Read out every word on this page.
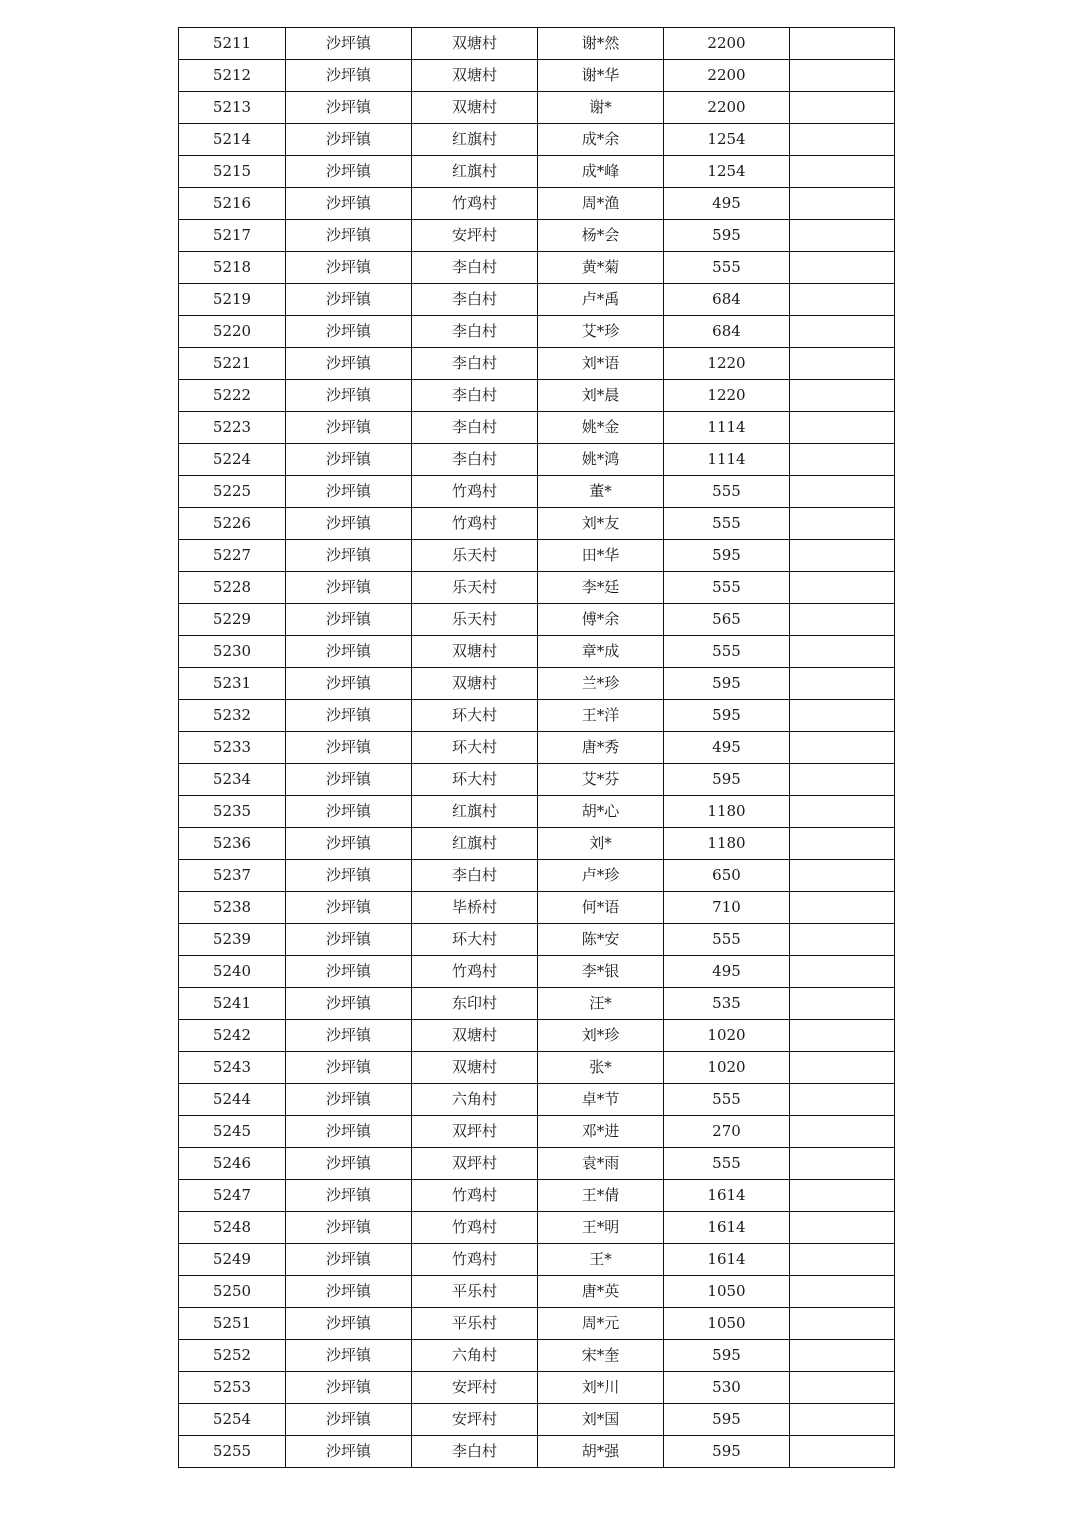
5211	沙坪镇	双塘村	谢*然	2200	
5212	沙坪镇	双塘村	谢*华	2200	
5213	沙坪镇	双塘村	谢*	2200	
5214	沙坪镇	红旗村	成*余	1254	
5215	沙坪镇	红旗村	成*峰	1254	
5216	沙坪镇	竹鸡村	周*渔	495	
5217	沙坪镇	安坪村	杨*会	595	
5218	沙坪镇	李白村	黄*菊	555	
5219	沙坪镇	李白村	卢*禹	684	
5220	沙坪镇	李白村	艾*珍	684	
5221	沙坪镇	李白村	刘*语	1220	
5222	沙坪镇	李白村	刘*晨	1220	
5223	沙坪镇	李白村	姚*金	1114	
5224	沙坪镇	李白村	姚*鸿	1114	
5225	沙坪镇	竹鸡村	董*	555	
5226	沙坪镇	竹鸡村	刘*友	555	
5227	沙坪镇	乐天村	田*华	595	
5228	沙坪镇	乐天村	李*廷	555	
5229	沙坪镇	乐天村	傅*余	565	
5230	沙坪镇	双塘村	章*成	555	
5231	沙坪镇	双塘村	兰*珍	595	
5232	沙坪镇	环大村	王*洋	595	
5233	沙坪镇	环大村	唐*秀	495	
5234	沙坪镇	环大村	艾*芬	595	
5235	沙坪镇	红旗村	胡*心	1180	
5236	沙坪镇	红旗村	刘*	1180	
5237	沙坪镇	李白村	卢*珍	650	
5238	沙坪镇	毕桥村	何*语	710	
5239	沙坪镇	环大村	陈*安	555	
5240	沙坪镇	竹鸡村	李*银	495	
5241	沙坪镇	东印村	汪*	535	
5242	沙坪镇	双塘村	刘*珍	1020	
5243	沙坪镇	双塘村	张*	1020	
5244	沙坪镇	六角村	卓*节	555	
5245	沙坪镇	双坪村	邓*进	270	
5246	沙坪镇	双坪村	袁*雨	555	
5247	沙坪镇	竹鸡村	王*倩	1614	
5248	沙坪镇	竹鸡村	王*明	1614	
5249	沙坪镇	竹鸡村	王*	1614	
5250	沙坪镇	平乐村	唐*英	1050	
5251	沙坪镇	平乐村	周*元	1050	
5252	沙坪镇	六角村	宋*奎	595	
5253	沙坪镇	安坪村	刘*川	530	
5254	沙坪镇	安坪村	刘*国	595	
5255	沙坪镇	李白村	胡*强	595	
